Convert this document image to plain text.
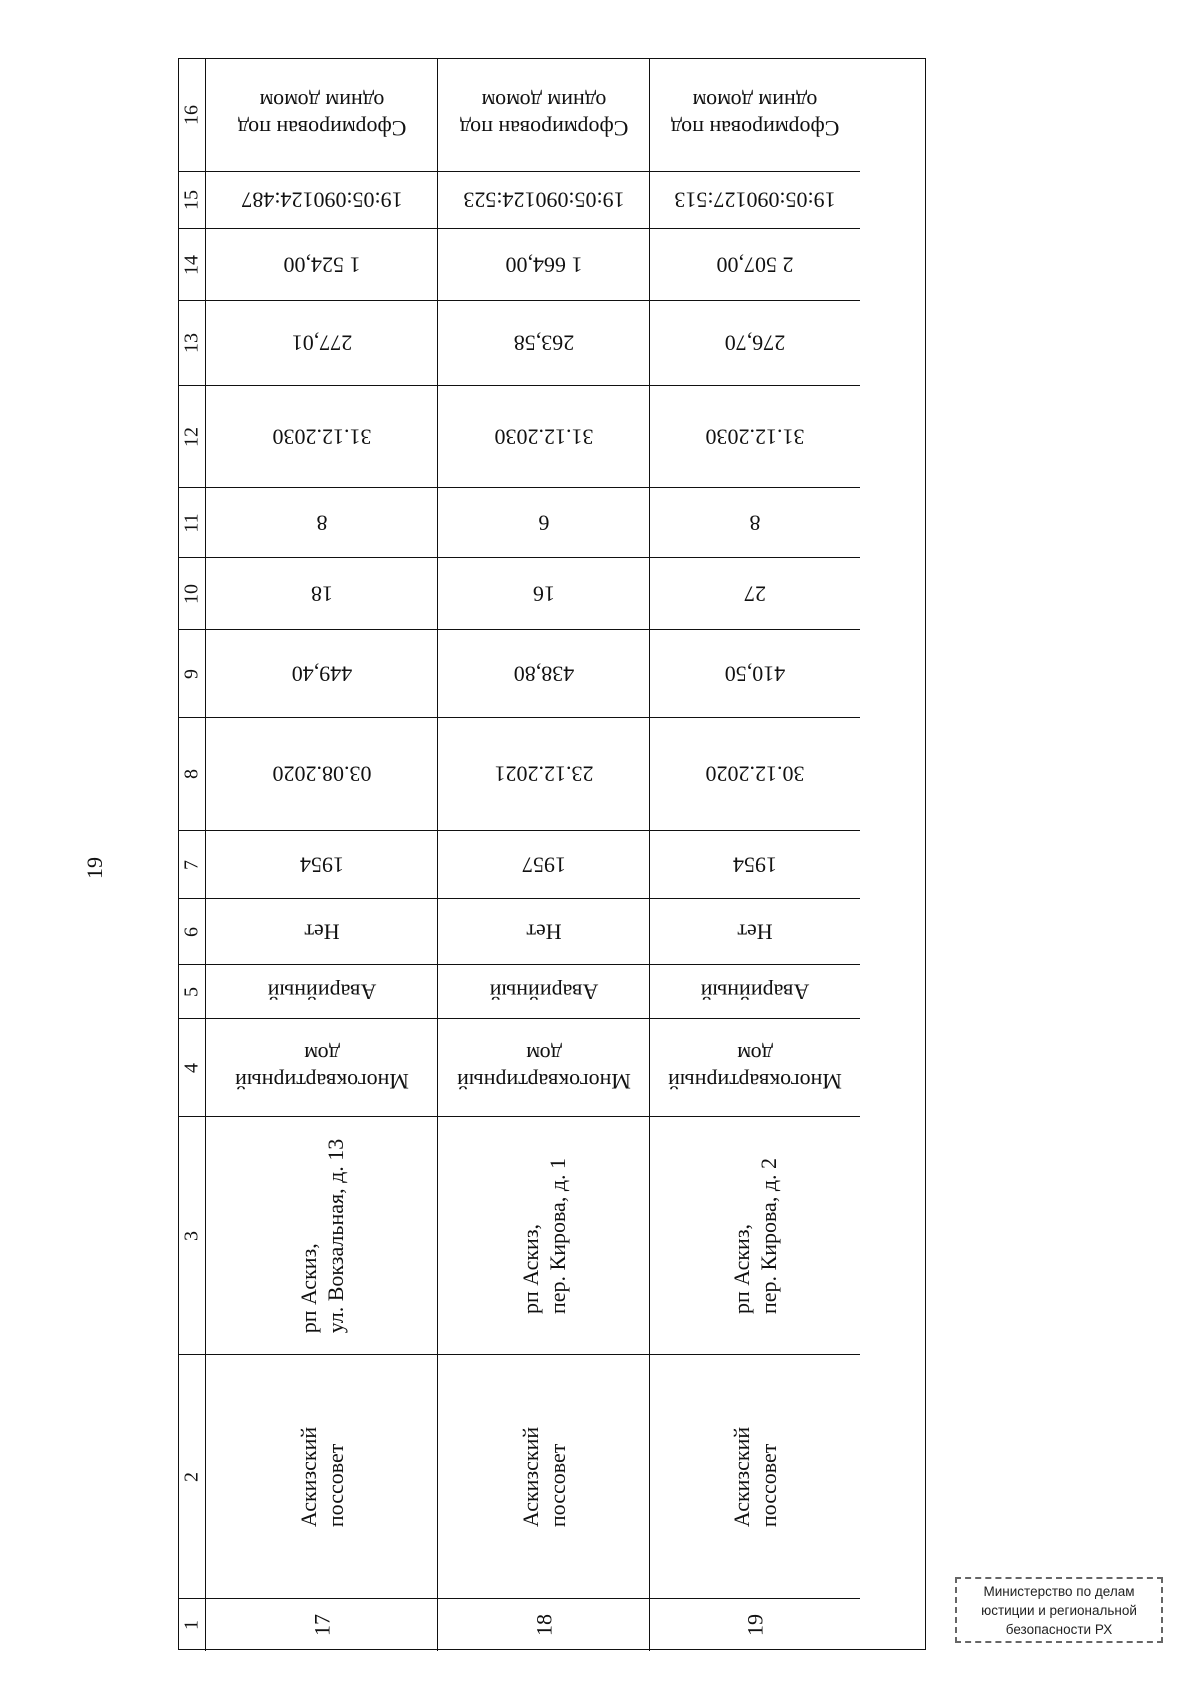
19
1
2
3
4
5
6
7
8
9
10
11
12
13
14
15
16
17
Аскизский поссовет
рп Аскиз, ул. Вокзальная, д. 13
Многоквартирный
дом
Аварийный
Нет
1954
03.08.2020
449,40
18
8
31.12.2030
277,01
1 524,00
19:05:090124:487
Сформирован под
одним домом
18
Аскизский поссовет
рп Аскиз, пер. Кирова, д. 1
Многоквартирный
дом
Аварийный
Нет
1957
23.12.2021
438,80
16
6
31.12.2030
263,58
1 664,00
19:05:090124:523
Сформирован под
одним домом
19
Аскизский поссовет
рп Аскиз, пер. Кирова, д. 2
Многоквартирный
дом
Аварийный
Нет
1954
30.12.2020
410,50
27
8
31.12.2030
276,70
2 507,00
19:05:090127:513
Сформирован под
одним домом
Министерство по делам
юстиции и региональной
безопасности РХ
